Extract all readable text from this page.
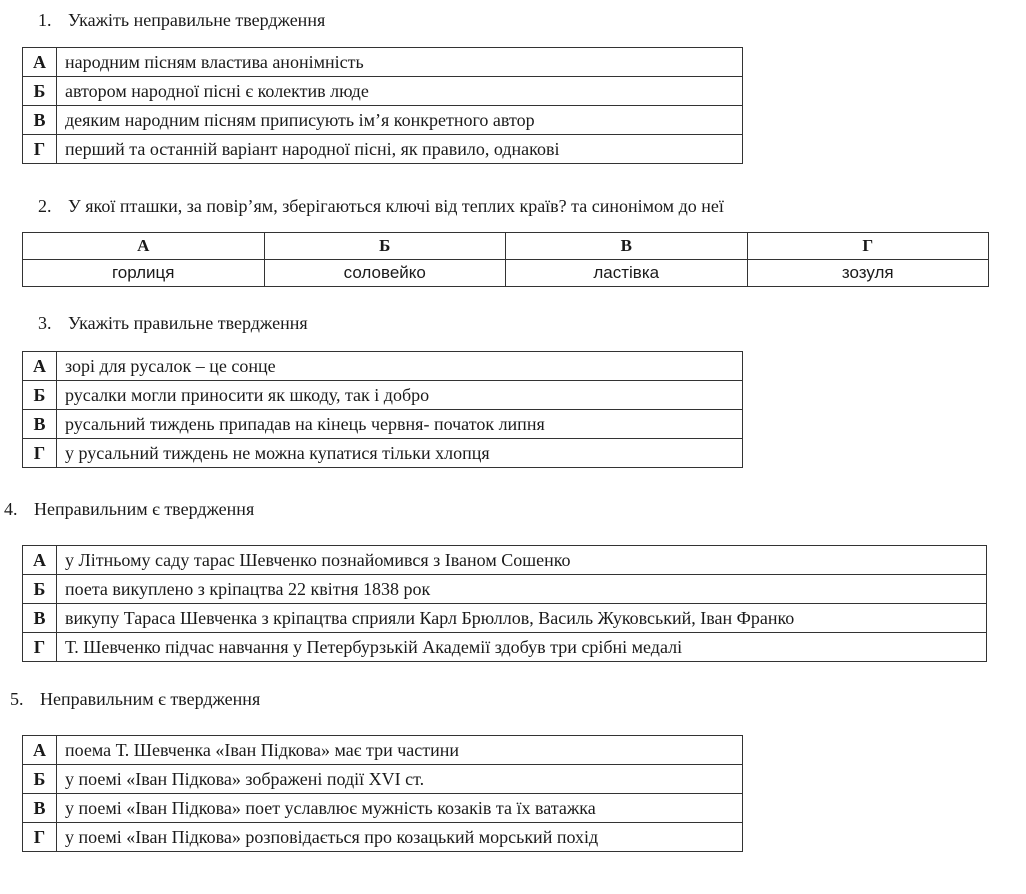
1. Укажіть неправильне твердження
А	народним пісням властива анонімність
Б	автором народної пісні є колектив люде
В	деяким народним пісням приписують ім’я конкретного автор
Г	перший та останній варіант народної пісні, як правило, однакові
2. У якої пташки, за повір’ям, зберігаються ключі від теплих країв? та синонімом до неї
А	Б	В	Г
горлиця	соловейко	ластівка	зозуля
3. Укажіть правильне твердження
А	зорі для русалок – це сонце
Б	русалки могли приносити як шкоду, так і добро
В	русальний тиждень припадав на кінець червня- початок липня
Г	у русальний тиждень не можна купатися тільки хлопця
4. Неправильним є твердження
А	у Літньому саду тарас Шевченко познайомився з Іваном Сошенко
Б	поета викуплено з кріпацтва 22 квітня 1838 рок
В	викупу Тараса Шевченка з кріпацтва сприяли Карл Брюллов, Василь Жуковський, Іван Франко
Г	Т. Шевченко підчас навчання у Петербурзькій Академії здобув три срібні медалі
5. Неправильним є твердження
А	поема Т. Шевченка «Іван Підкова» має три частини
Б	у поемі «Іван Підкова» зображені події XVI ст.
В	у поемі «Іван Підкова» поет уславлює мужність козаків та їх ватажка
Г	у поемі «Іван Підкова» розповідається про козацький морський похід
